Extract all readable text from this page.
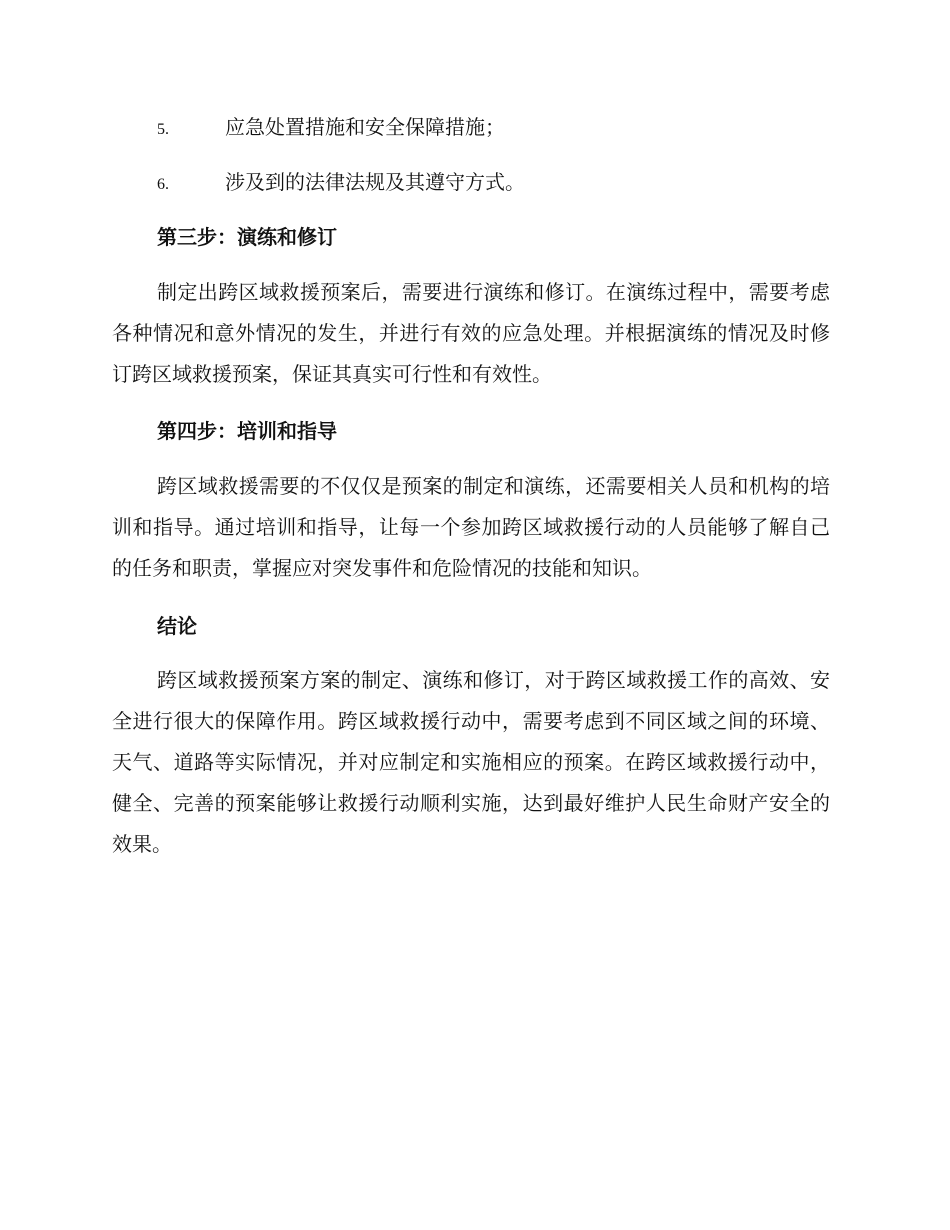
5.	应急处置措施和安全保障措施；
6.	涉及到的法律法规及其遵守方式。
第三步：演练和修订

制定出跨区域救援预案后，需要进行演练和修订。在演练过程中，需要考虑各种情况和意外情况的发生，并进行有效的应急处理。并根据演练的情况及时修订跨区域救援预案，保证其真实可行性和有效性。

第四步：培训和指导

跨区域救援需要的不仅仅是预案的制定和演练，还需要相关人员和机构的培训和指导。通过培训和指导，让每一个参加跨区域救援行动的人员能够了解自己的任务和职责，掌握应对突发事件和危险情况的技能和知识。

结论

跨区域救援预案方案的制定、演练和修订，对于跨区域救援工作的高效、安全进行很大的保障作用。跨区域救援行动中，需要考虑到不同区域之间的环境、天气、道路等实际情况，并对应制定和实施相应的预案。在跨区域救援行动中，健全、完善的预案能够让救援行动顺利实施，达到最好维护人民生命财产安全的效果。
